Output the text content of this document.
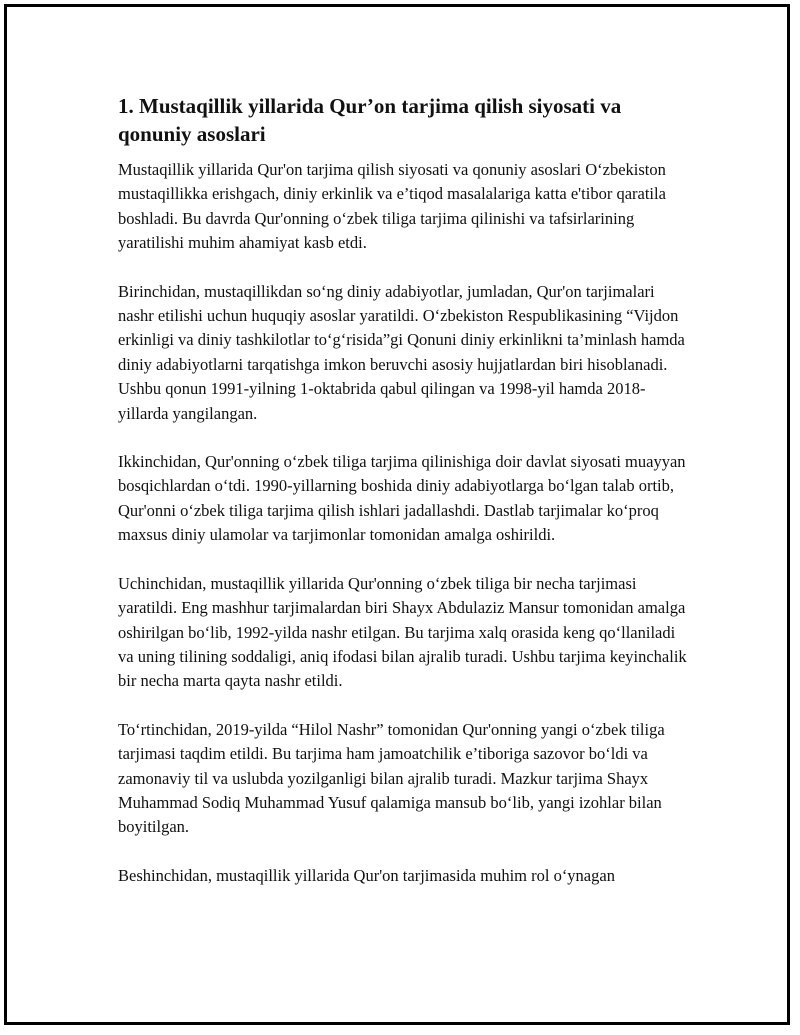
1. Mustaqillik yillarida Qur’on tarjima qilish siyosati va qonuniy asoslari

Mustaqillik yillarida Qur'on tarjima qilish siyosati va qonuniy asoslari O‘zbekiston mustaqillikka erishgach, diniy erkinlik va e’tiqod masalalariga katta e'tibor qaratila boshladi. Bu davrda Qur'onning o‘zbek tiliga tarjima qilinishi va tafsirlarining yaratilishi muhim ahamiyat kasb etdi.

Birinchidan, mustaqillikdan so‘ng diniy adabiyotlar, jumladan, Qur'on tarjimalari nashr etilishi uchun huquqiy asoslar yaratildi. O‘zbekiston Respublikasining “Vijdon erkinligi va diniy tashkilotlar to‘g‘risida”gi Qonuni diniy erkinlikni ta’minlash hamda diniy adabiyotlarni tarqatishga imkon beruvchi asosiy hujjatlardan biri hisoblanadi. Ushbu qonun 1991-yilning 1-oktabrida qabul qilingan va 1998-yil hamda 2018-yillarda yangilangan.

Ikkinchidan, Qur'onning o‘zbek tiliga tarjima qilinishiga doir davlat siyosati muayyan bosqichlardan o‘tdi. 1990-yillarning boshida diniy adabiyotlarga bo‘lgan talab ortib, Qur'onni o‘zbek tiliga tarjima qilish ishlari jadallashdi. Dastlab tarjimalar ko‘proq maxsus diniy ulamolar va tarjimonlar tomonidan amalga oshirildi.

Uchinchidan, mustaqillik yillarida Qur'onning o‘zbek tiliga bir necha tarjimasi yaratildi. Eng mashhur tarjimalardan biri Shayx Abdulaziz Mansur tomonidan amalga oshirilgan bo‘lib, 1992-yilda nashr etilgan. Bu tarjima xalq orasida keng qo‘llaniladi va uning tilining soddaligi, aniq ifodasi bilan ajralib turadi. Ushbu tarjima keyinchalik bir necha marta qayta nashr etildi.

To‘rtinchidan, 2019-yilda “Hilol Nashr” tomonidan Qur'onning yangi o‘zbek tiliga tarjimasi taqdim etildi. Bu tarjima ham jamoatchilik e’tiboriga sazovor bo‘ldi va zamonaviy til va uslubda yozilganligi bilan ajralib turadi. Mazkur tarjima Shayx Muhammad Sodiq Muhammad Yusuf qalamiga mansub bo‘lib, yangi izohlar bilan boyitilgan.

Beshinchidan, mustaqillik yillarida Qur'on tarjimasida muhim rol o‘ynagan
